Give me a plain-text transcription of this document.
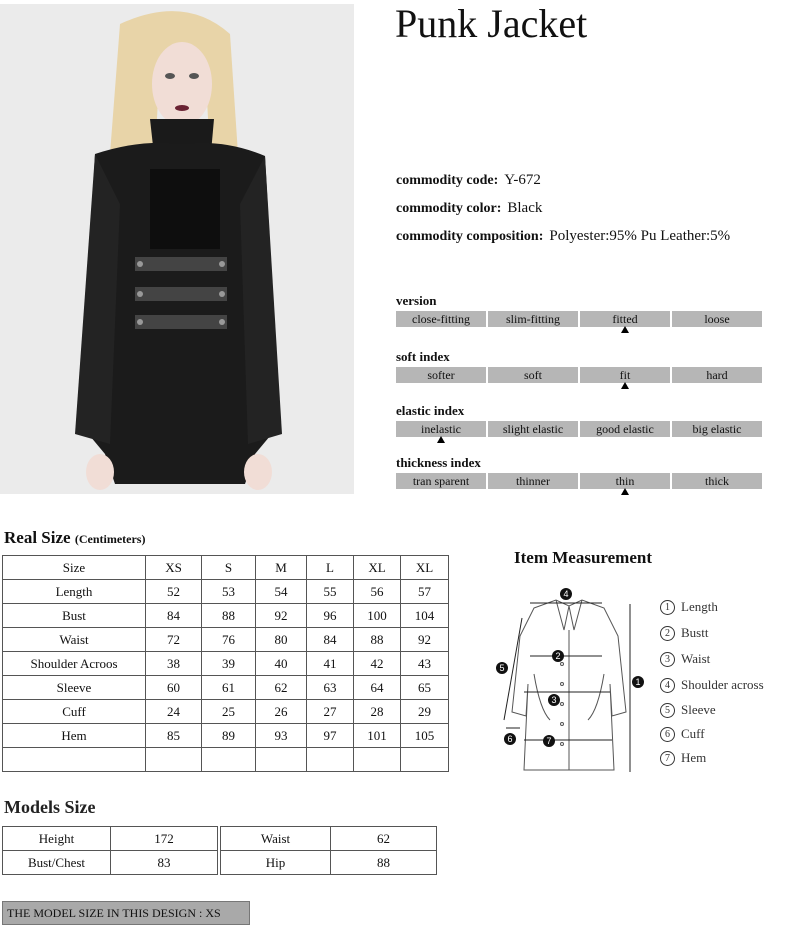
Punk Jacket
commodity code: Y-672
commodity color: Black
commodity composition: Polyester:95% Pu Leather:5%
version
close-fitting	slim-fitting	fitted	loose
soft index
softer	soft	fit	hard
elastic index
inelastic	slight elastic	good elastic	big elastic
thickness index
tran sparent	thinner	thin	thick
Real Size (Centimeters)
Size	XS	S	M	L	XL	XL
Length	52	53	54	55	56	57
Bust	84	88	92	96	100	104
Waist	72	76	80	84	88	92
Shoulder Acroos	38	39	40	41	42	43
Sleeve	60	61	62	63	64	65
Cuff	24	25	26	27	28	29
Hem	85	89	93	97	101	105

Item Measurement
4
2
3
1
5
6	7
1 Length
2 Bustt
3 Waist
4 Shoulder across
5 Sleeve
6 Cuff
7 Hem
Models Size
Height	172
Bust/Chest	83
Waist	62
Hip	88
THE MODEL SIZE IN THIS DESIGN : XS
